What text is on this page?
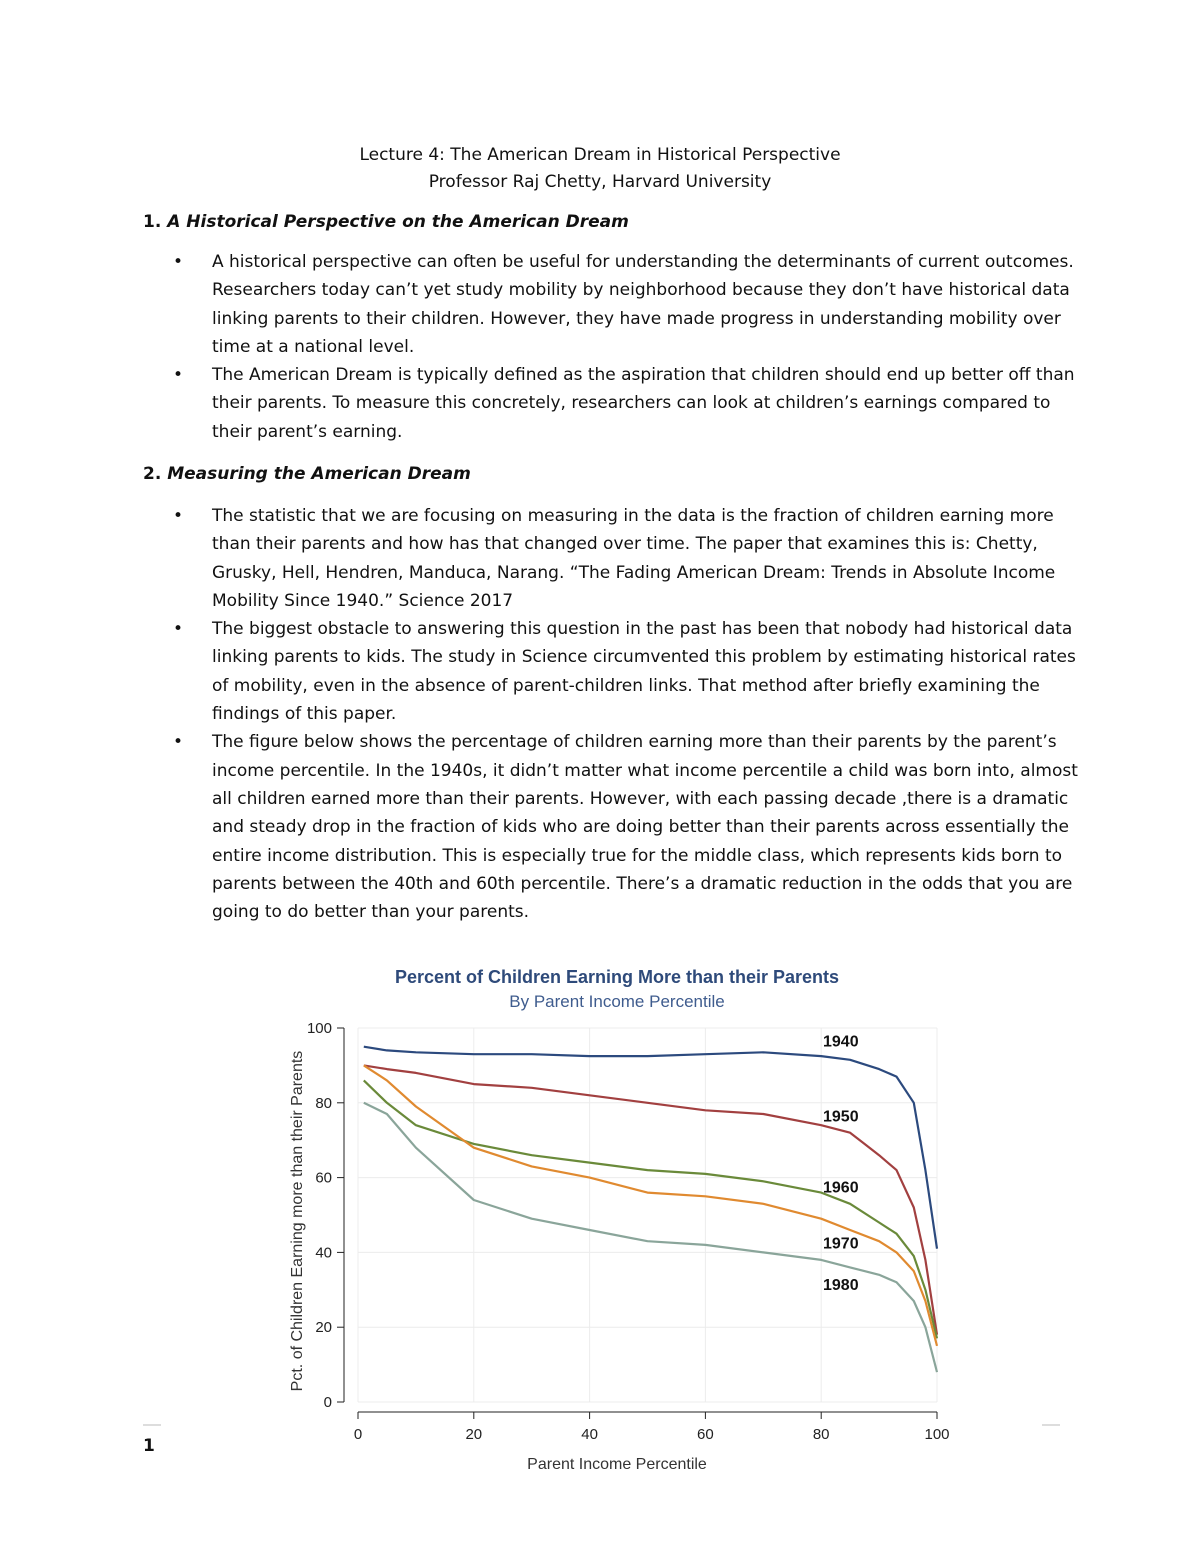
Lecture 4: The American Dream in Historical Perspective
Professor Raj Chetty, Harvard University
1. A Historical Perspective on the American Dream
• A historical perspective can often be useful for understanding the determinants of current outcomes. Researchers today can’t yet study mobility by neighborhood because they don’t have historical data linking parents to their children. However, they have made progress in understanding mobility over time at a national level.
• The American Dream is typically defined as the aspiration that children should end up better off than their parents. To measure this concretely, researchers can look at children’s earnings compared to their parent’s earning.
2. Measuring the American Dream
• The statistic that we are focusing on measuring in the data is the fraction of children earning more than their parents and how has that changed over time. The paper that examines this is: Chetty, Grusky, Hell, Hendren, Manduca, Narang. “The Fading American Dream: Trends in Absolute Income Mobility Since 1940.” Science 2017
• The biggest obstacle to answering this question in the past has been that nobody had historical data linking parents to kids. The study in Science circumvented this problem by estimating historical rates of mobility, even in the absence of parent-children links. That method after briefly examining the findings of this paper.
• The figure below shows the percentage of children earning more than their parents by the parent’s income percentile. In the 1940s, it didn’t matter what income percentile a child was born into, almost all children earned more than their parents. However, with each passing decade ,there is a dramatic and steady drop in the fraction of kids who are doing better than their parents across essentially the entire income distribution. This is especially true for the middle class, which represents kids born to parents between the 40th and 60th percentile. There’s a dramatic reduction in the odds that you are going to do better than your parents.
Percent of Children Earning More than their Parents
By Parent Income Percentile
0
20
40
60
80
100
0	20	40	60	80	100
Parent Income Percentile
Pct. of Children Earning more than their Parents
1940
1950
1960
1970
1980
1
